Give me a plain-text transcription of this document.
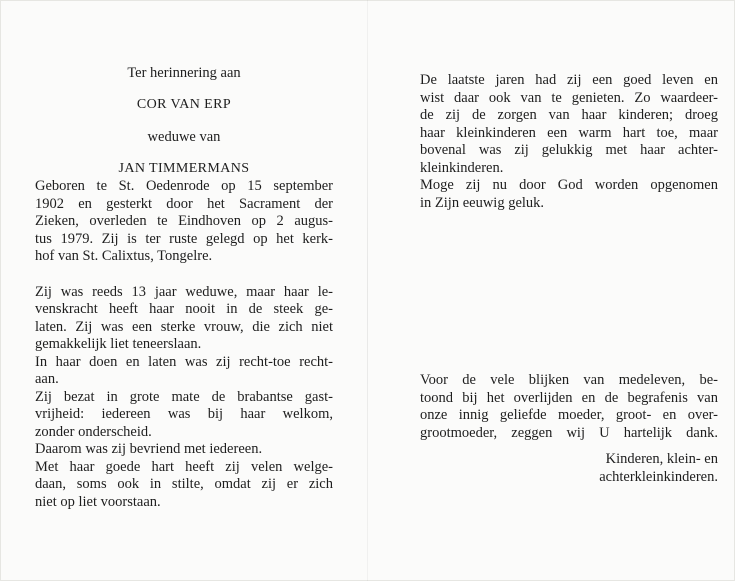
Ter herinnering aan

COR VAN ERP

weduwe van

JAN TIMMERMANS

Geboren te St. Oedenrode op 15 september
1902 en gesterkt door het Sacrament der
Zieken, overleden te Eindhoven op 2 augus-
tus 1979. Zij is ter ruste gelegd op het kerk-
hof van St. Calixtus, Tongelre.
Zij was reeds 13 jaar weduwe, maar haar le-
venskracht heeft haar nooit in de steek ge-
laten. Zij was een sterke vrouw, die zich niet
gemakkelijk liet teneerslaan.
In haar doen en laten was zij recht-toe recht-
aan.
Zij bezat in grote mate de brabantse gast-
vrijheid: iedereen was bij haar welkom,
zonder onderscheid.
Daarom was zij bevriend met iedereen.
Met haar goede hart heeft zij velen welge-
daan, soms ook in stilte, omdat zij er zich
niet op liet voorstaan.
De laatste jaren had zij een goed leven en
wist daar ook van te genieten. Zo waardeer-
de zij de zorgen van haar kinderen; droeg
haar kleinkinderen een warm hart toe, maar
bovenal was zij gelukkig met haar achter-
kleinkinderen.
Moge zij nu door God worden opgenomen
in Zijn eeuwig geluk.
Voor de vele blijken van medeleven, be-
toond bij het overlijden en de begrafenis van
onze innig geliefde moeder, groot- en over-
grootmoeder, zeggen wij U hartelijk dank.
Kinderen, klein- en
achterkleinkinderen.
